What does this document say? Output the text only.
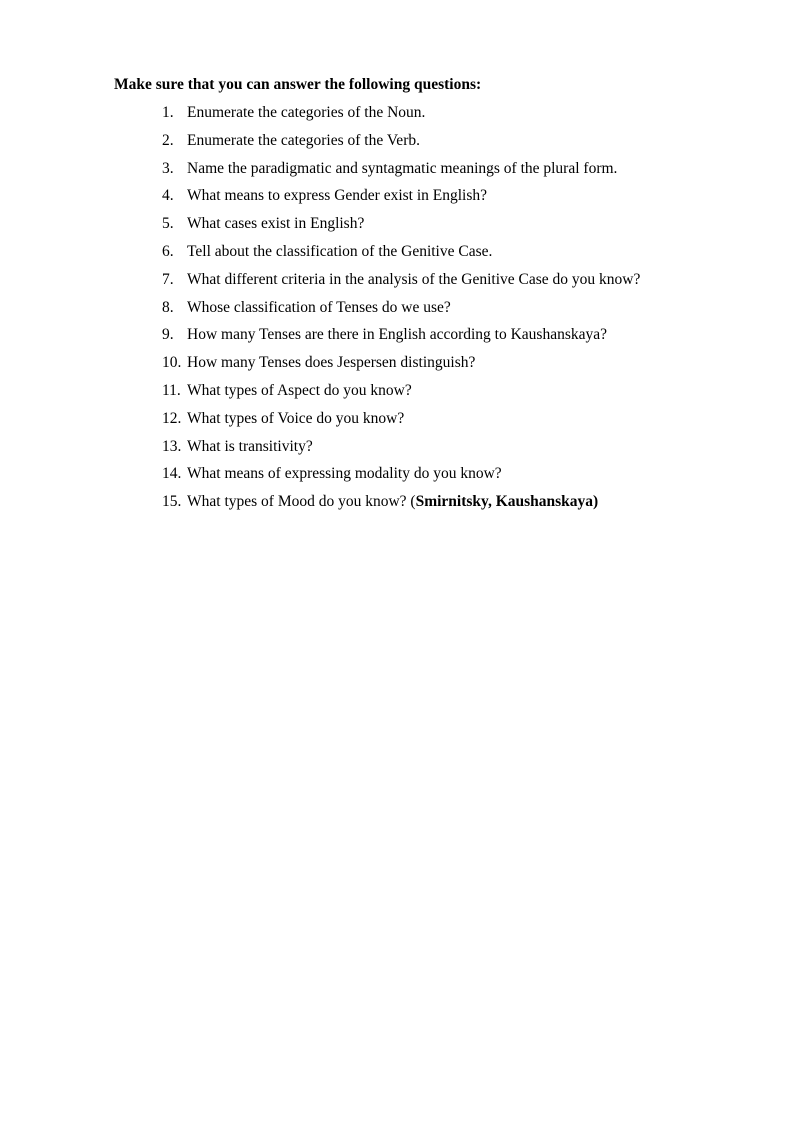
Make sure that you can answer the following questions:
1. Enumerate the categories of the Noun.
2. Enumerate the categories of the Verb.
3. Name the paradigmatic and syntagmatic meanings of the plural form.
4. What means to express Gender exist in English?
5. What cases exist in English?
6. Tell about the classification of the Genitive Case.
7. What different criteria in the analysis of the Genitive Case do you know?
8. Whose classification of Tenses do we use?
9. How many Tenses are there in English according to Kaushanskaya?
10. How many Tenses does Jespersen distinguish?
11. What types of Aspect do you know?
12. What types of Voice do you know?
13. What is transitivity?
14. What means of expressing modality do you know?
15. What types of Mood do you know? (Smirnitsky, Kaushanskaya)
